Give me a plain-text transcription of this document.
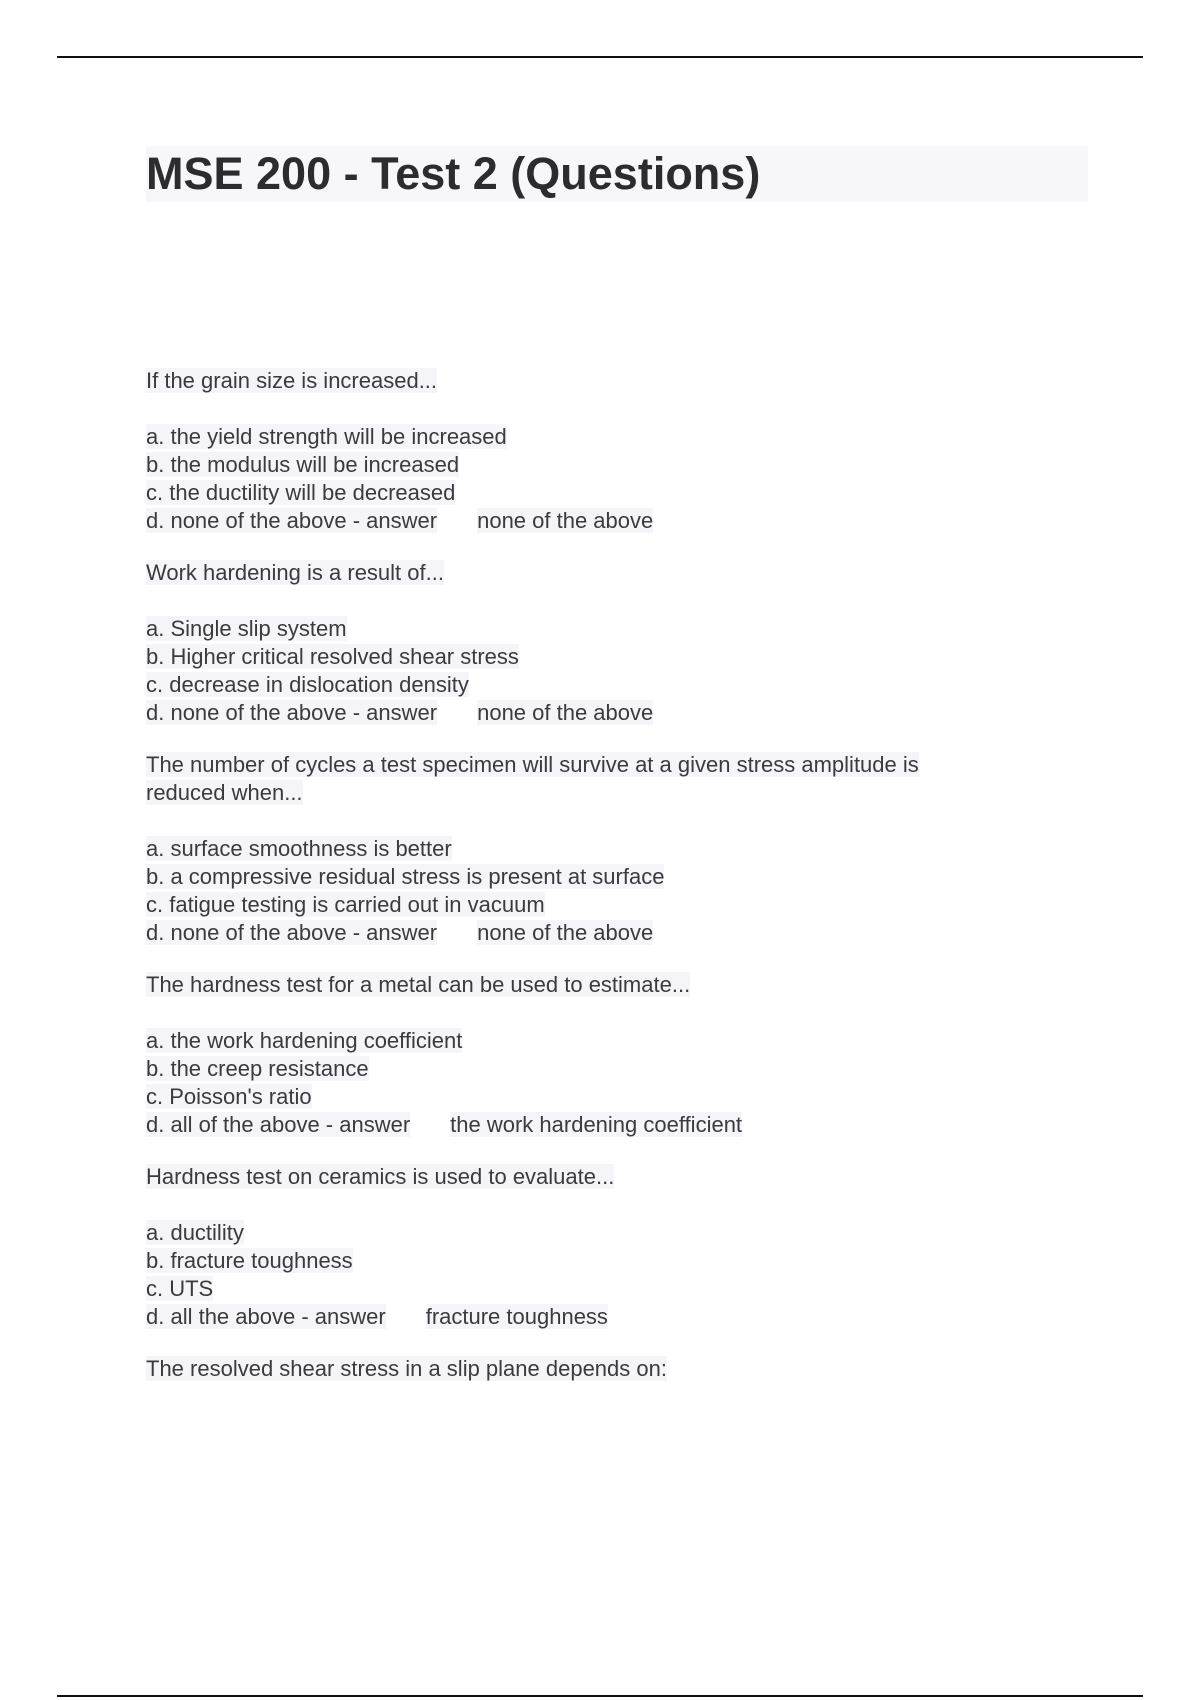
MSE 200 - Test 2 (Questions)
If the grain size is increased...
a. the yield strength will be increased
b. the modulus will be increased
c. the ductility will be decreased
d. none of the above - answer none of the above
Work hardening is a result of...
a. Single slip system
b. Higher critical resolved shear stress
c. decrease in dislocation density
d. none of the above - answer none of the above
The number of cycles a test specimen will survive at a given stress amplitude is
reduced when...
a. surface smoothness is better
b. a compressive residual stress is present at surface
c. fatigue testing is carried out in vacuum
d. none of the above - answer none of the above
The hardness test for a metal can be used to estimate...
a. the work hardening coefficient
b. the creep resistance
c. Poisson's ratio
d. all of the above - answer the work hardening coefficient
Hardness test on ceramics is used to evaluate...
a. ductility
b. fracture toughness
c. UTS
d. all the above - answer fracture toughness
The resolved shear stress in a slip plane depends on:
